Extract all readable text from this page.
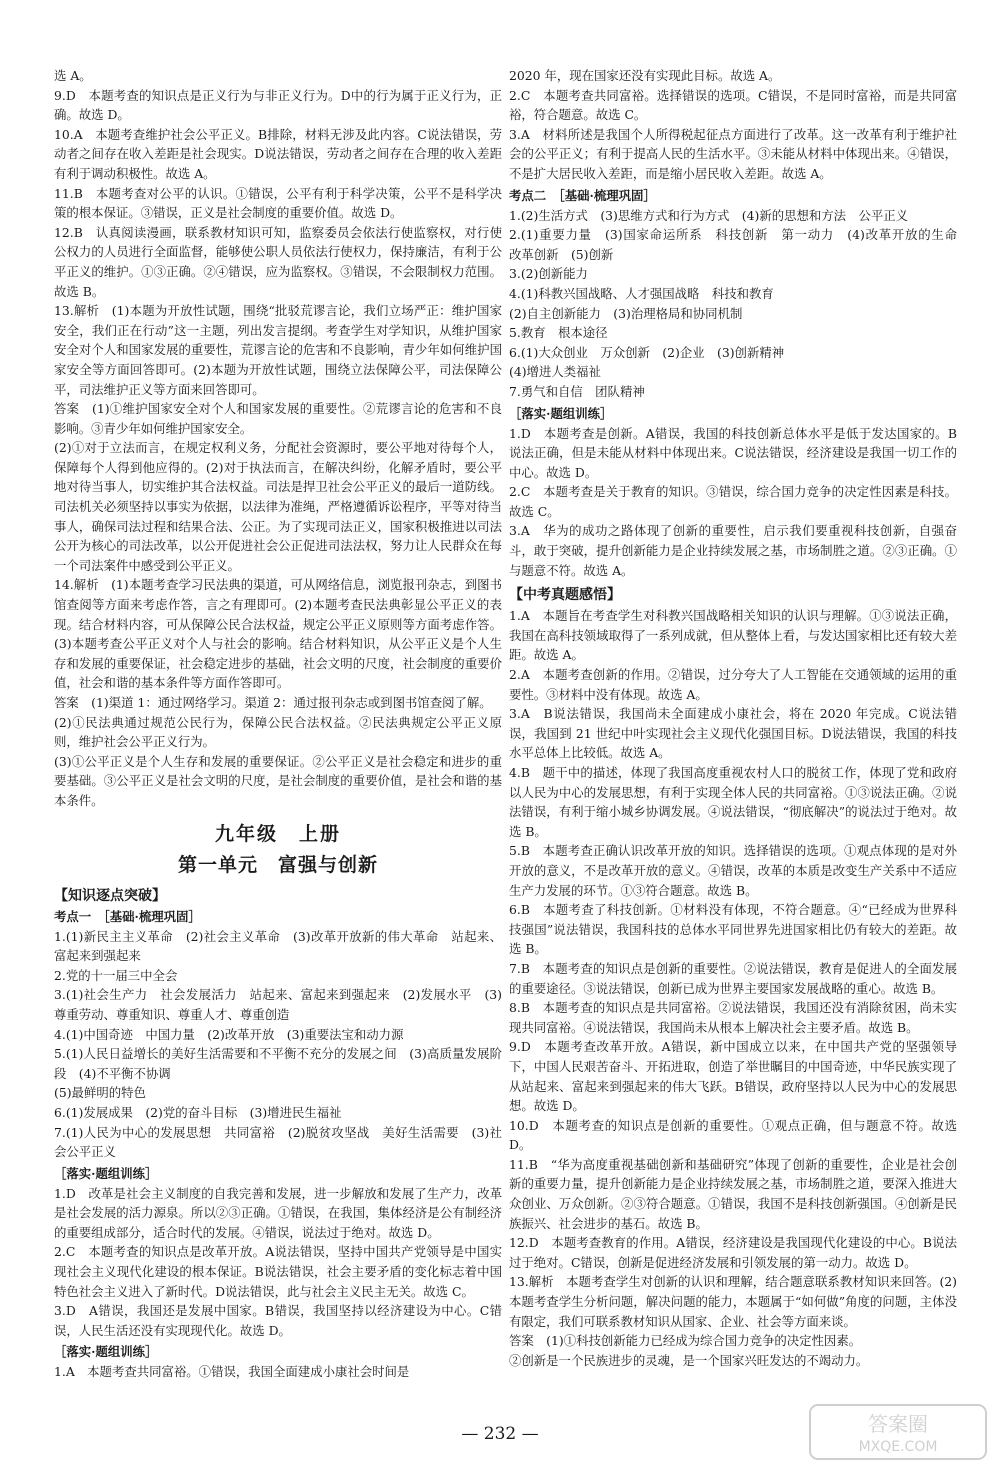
选 A。
9.D　本题考查的知识点是正义行为与非正义行为。D中的行为属于正义行为，正确。故选 D。
10.A　本题考查维护社会公平正义。B排除，材料无涉及此内容。C说法错误，劳动者之间存在收入差距是社会现实。D说法错误，劳动者之间存在合理的收入差距有利于调动积极性。故选 A。
11.B　本题考查对公平的认识。①错误，公平有利于科学决策，公平不是科学决策的根本保证。③错误，正义是社会制度的重要价值。故选 D。
12.B　认真阅读漫画，联系教材知识可知，监察委员会依法行使监察权，对行使公权力的人员进行全面监督，能够使公职人员依法行使权力，保持廉洁，有利于公平正义的维护。①③正确。②④错误，应为监察权。③错误，不会限制权力范围。故选 B。
13.解析　(1)本题为开放性试题，围绕“批驳荒谬言论，我们立场严正：维护国家安全，我们正在行动”这一主题，列出发言提纲。考查学生对学知识，从维护国家安全对个人和国家发展的重要性，荒谬言论的危害和不良影响，青少年如何维护国家安全等方面回答即可。(2)本题为开放性试题，围绕立法保障公平，司法保障公平，司法维护正义等方面来回答即可。
答案　(1)①维护国家安全对个人和国家发展的重要性。②荒谬言论的危害和不良影响。③青少年如何维护国家安全。
(2)①对于立法而言，在规定权利义务，分配社会资源时，要公平地对待每个人，保障每个人得到他应得的。(2)对于执法而言，在解决纠纷，化解矛盾时，要公平地对待当事人，切实维护其合法权益。司法是捍卫社会公平正义的最后一道防线。司法机关必须坚持以事实为依据，以法律为准绳，严格遵循诉讼程序，平等对待当事人，确保司法过程和结果合法、公正。为了实现司法正义，国家积极推进以司法公开为核心的司法改革，以公开促进社会公正促进司法法权，努力让人民群众在每一个司法案件中感受到公平正义。
14.解析　(1)本题考查学习民法典的渠道，可从网络信息，浏览报刊杂志，到图书馆查阅等方面来考虑作答，言之有理即可。(2)本题考查民法典彰显公平正义的表现。结合材料内容，可从保障公民合法权益，规定公平正义原则等方面考虑作答。(3)本题考查公平正义对个人与社会的影响。结合材料知识，从公平正义是个人生存和发展的重要保证，社会稳定进步的基础，社会文明的尺度，社会制度的重要价值，社会和谐的基本条件等方面作答即可。
答案　(1)渠道 1：通过网络学习。渠道 2：通过报刊杂志或到图书馆查阅了解。
(2)①民法典通过规范公民行为，保障公民合法权益。②民法典规定公平正义原则，维护社会公平正义行为。
(3)①公平正义是个人生存和发展的重要保证。②公平正义是社会稳定和进步的重要基础。③公平正义是社会文明的尺度，是社会制度的重要价值，是社会和谐的基本条件。
九年级　上册
第一单元　富强与创新
【知识逐点突破】
考点一　［基础·梳理巩固］
1.(1)新民主主义革命　(2)社会主义革命　(3)改革开放新的伟大革命　站起来、富起来到强起来
2.党的十一届三中全会
3.(1)社会生产力　社会发展活力　站起来、富起来到强起来　(2)发展水平　(3)尊重劳动、尊重知识、尊重人才、尊重创造
4.(1)中国奇迹　中国力量　(2)改革开放　(3)重要法宝和动力源
5.(1)人民日益增长的美好生活需要和不平衡不充分的发展之间　(3)高质量发展阶段　(4)不平衡不协调
(5)最鲜明的特色
6.(1)发展成果　(2)党的奋斗目标　(3)增进民生福祉
7.(1)人民为中心的发展思想　共同富裕　(2)脱贫攻坚战　美好生活需要　(3)社会公平正义
［落实·题组训练］
1.D　改革是社会主义制度的自我完善和发展，进一步解放和发展了生产力，改革是社会发展的活力源泉。所以②③正确。①错误，在我国，集体经济是公有制经济的重要组成部分，适合时代的发展。④错误，说法过于绝对。故选 D。
2.C　本题考查的知识点是改革开放。A说法错误，坚持中国共产党领导是中国实现社会主义现代化建设的根本保证。B说法错误，社会主要矛盾的变化标志着中国特色社会主义进入了新时代。D说法错误，此与社会主义民主无关。故选 C。
3.D　A错误，我国还是发展中国家。B错误，我国坚持以经济建设为中心。C错误，人民生活还没有实现现代化。故选 D。
［落实·题组训练］
1.A　本题考查共同富裕。①错误，我国全面建成小康社会时间是
2020 年，现在国家还没有实现此目标。故选 A。
2.C　本题考查共同富裕。选择错误的选项。C错误，不是同时富裕，而是共同富裕，符合题意。故选 C。
3.A　材料所述是我国个人所得税起征点方面进行了改革。这一改革有利于维护社会的公平正义；有利于提高人民的生活水平。③未能从材料中体现出来。④错误，不是扩大居民收入差距，而是缩小居民收入差距。故选 A。
考点二　［基础·梳理巩固］
1.(2)生活方式　(3)思维方式和行为方式　(4)新的思想和方法　公平正义
2.(1)重要力量　(3)国家命运所系　科技创新　第一动力　(4)改革开放的生命　改革创新　(5)创新
3.(2)创新能力
4.(1)科教兴国战略、人才强国战略　科技和教育
(2)自主创新能力　(3)治理格局和协同机制
5.教育　根本途径
6.(1)大众创业　万众创新　(2)企业　(3)创新精神
(4)增进人类福祉
7.勇气和自信　团队精神
［落实·题组训练］
1.D　本题考查是创新。A错误，我国的科技创新总体水平是低于发达国家的。B说法正确，但是未能从材料中体现出来。C说法错误，经济建设是我国一切工作的中心。故选 D。
2.C　本题考查是关于教育的知识。③错误，综合国力竞争的决定性因素是科技。故选 C。
3.A　华为的成功之路体现了创新的重要性，启示我们要重视科技创新，自强奋斗，敢于突破，提升创新能力是企业持续发展之基，市场制胜之道。②③正确。①与题意不符。故选 A。
【中考真题感悟】
1.A　本题旨在考查学生对科教兴国战略相关知识的认识与理解。①③说法正确，我国在高科技领域取得了一系列成就，但从整体上看，与发达国家相比还有较大差距。故选 A。
2.A　本题考查创新的作用。②错误，过分夸大了人工智能在交通领域的运用的重要性。③材料中没有体现。故选 A。
3.A　B说法错误，我国尚未全面建成小康社会，将在 2020 年完成。C说法错误，我国到 21 世纪中叶实现社会主义现代化强国目标。D说法错误，我国的科技水平总体上比较低。故选 A。
4.B　题干中的描述，体现了我国高度重视农村人口的脱贫工作，体现了党和政府以人民为中心的发展思想，有利于实现全体人民的共同富裕。①③说法正确。②说法错误，有利于缩小城乡协调发展。④说法错误，“彻底解决”的说法过于绝对。故选 B。
5.B　本题考查正确认识改革开放的知识。选择错误的选项。①观点体现的是对外开放的意义，不是改革开放的意义。④错误，改革的本质是改变生产关系中不适应生产力发展的环节。①③符合题意。故选 B。
6.B　本题考查了科技创新。①材料没有体现，不符合题意。④“已经成为世界科技强国”说法错误，我国科技的总体水平同世界先进国家相比仍有较大的差距。故选 B。
7.B　本题考查的知识点是创新的重要性。②说法错误，教育是促进人的全面发展的重要途径。③说法错误，创新已成为世界主要国家发展战略的重心。故选 B。
8.B　本题考查的知识点是共同富裕。②说法错误，我国还没有消除贫困，尚未实现共同富裕。④说法错误，我国尚未从根本上解决社会主要矛盾。故选 B。
9.D　本题考查改革开放。A错误，新中国成立以来，在中国共产党的坚强领导下，中国人民艰苦奋斗、开拓进取，创造了举世瞩目的中国奇迹，中华民族实现了从站起来、富起来到强起来的伟大飞跃。B错误，政府坚持以人民为中心的发展思想。故选 D。
10.D　本题考查的知识点是创新的重要性。①观点正确，但与题意不符。故选 D。
11.B　“华为高度重视基础创新和基础研究”体现了创新的重要性，企业是社会创新的重要力量，提升创新能力是企业持续发展之基，市场制胜之道，要深入推进大众创业、万众创新。②③符合题意。①错误，我国不是科技创新强国。④创新是民族振兴、社会进步的基石。故选 B。
12.D　本题考查教育的作用。A错误，经济建设是我国现代化建设的中心。B说法过于绝对。C错误，创新是促进经济发展和引领发展的第一动力。故选 D。
13.解析　本题考查学生对创新的认识和理解，结合题意联系教材知识来回答。(2)本题考查学生分析问题，解决问题的能力，本题属于“如何做”角度的问题，主体没有限定，我们可联系教材知识从国家、企业、社会等方面来谈。
答案　(1)①科技创新能力已经成为综合国力竞争的决定性因素。
②创新是一个民族进步的灵魂，是一个国家兴旺发达的不竭动力。
— 232 —	答案圈
MXQE.COM
